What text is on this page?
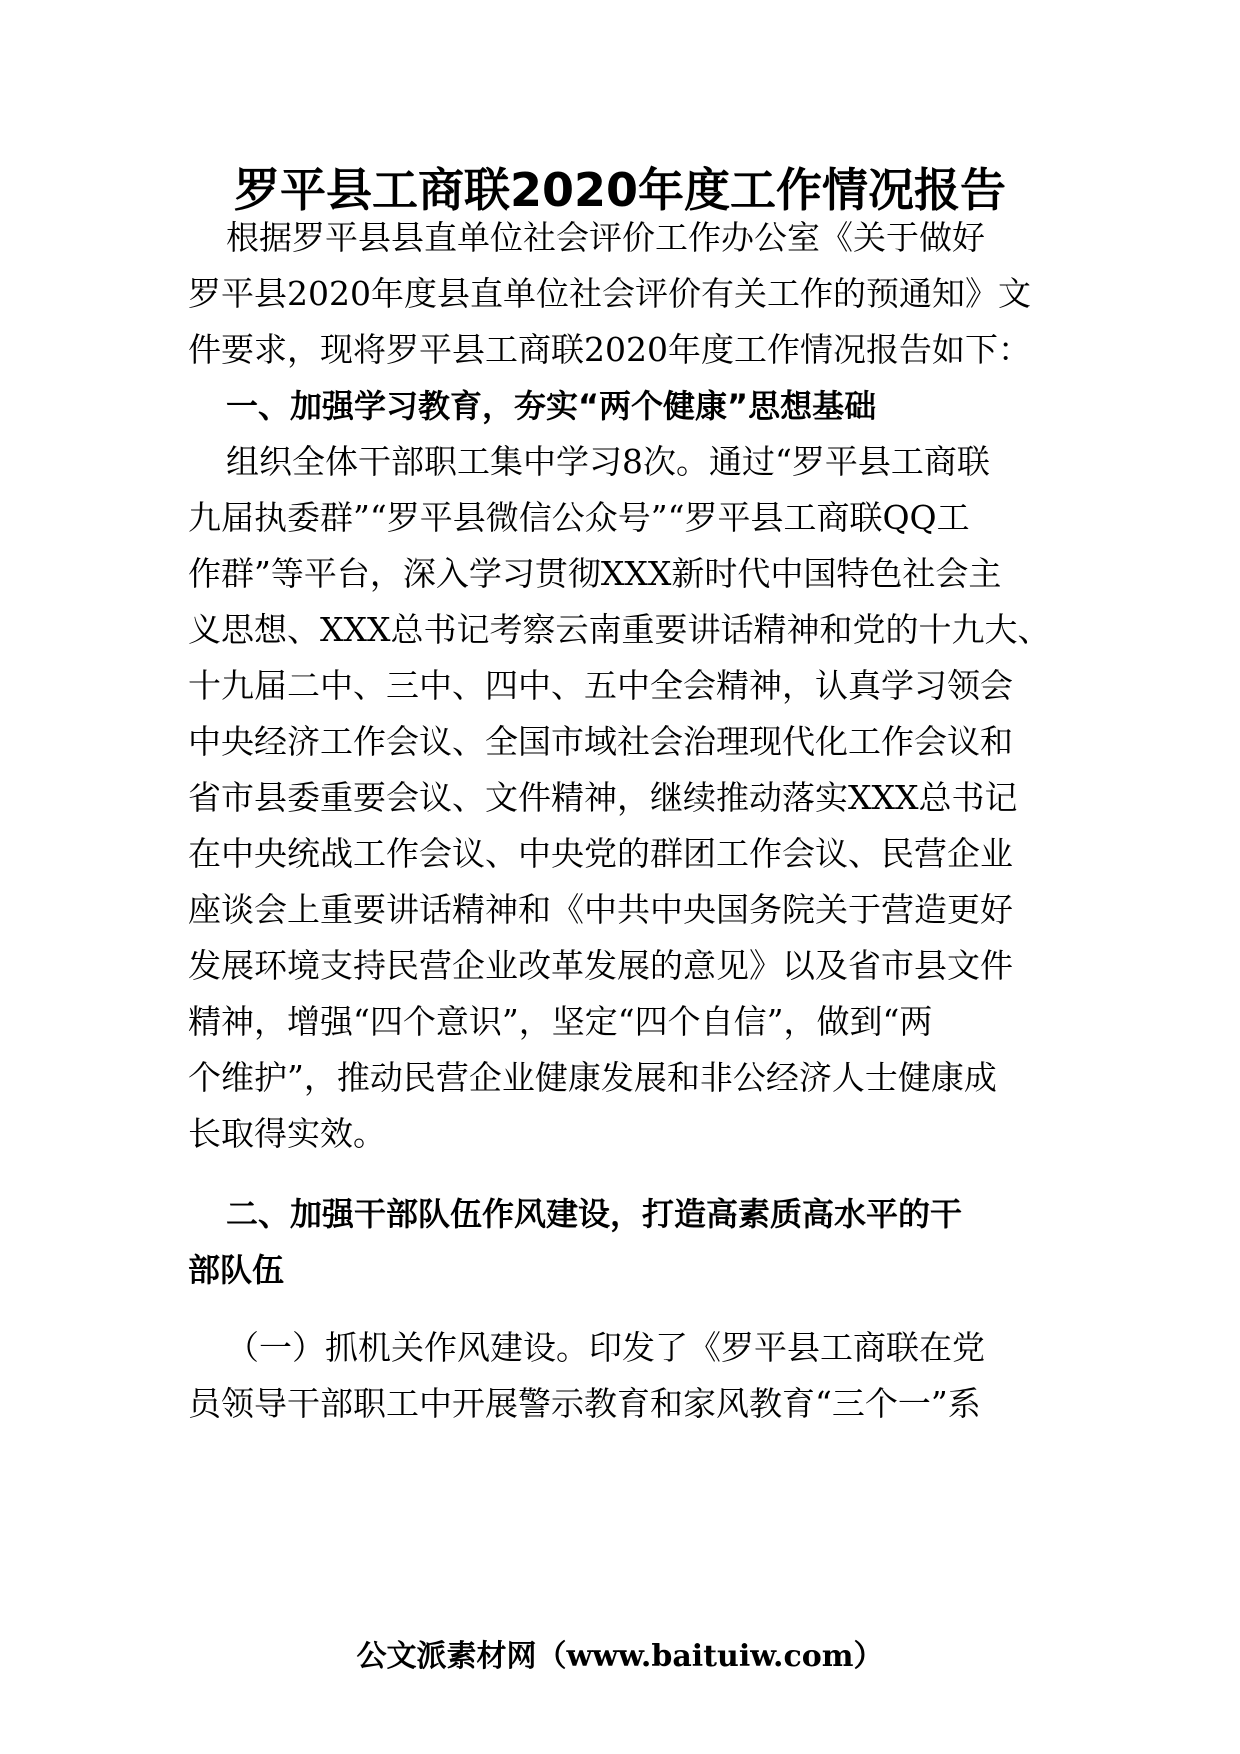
罗平县工商联2020年度工作情况报告

根据罗平县县直单位社会评价工作办公室《关于做好

罗平县2020年度县直单位社会评价有关工作的预通知》文

件要求，现将罗平县工商联2020年度工作情况报告如下：

一、加强学习教育，夯实“两个健康”思想基础

组织全体干部职工集中学习8次。通过“罗平县工商联

九届执委群”“罗平县微信公众号”“罗平县工商联QQ工

作群”等平台，深入学习贯彻XXX新时代中国特色社会主

义思想、XXX总书记考察云南重要讲话精神和党的十九大、

十九届二中、三中、四中、五中全会精神，认真学习领会

中央经济工作会议、全国市域社会治理现代化工作会议和

省市县委重要会议、文件精神，继续推动落实XXX总书记

在中央统战工作会议、中央党的群团工作会议、民营企业

座谈会上重要讲话精神和《中共中央国务院关于营造更好

发展环境支持民营企业改革发展的意见》以及省市县文件

精神，增强“四个意识”，坚定“四个自信”，做到“两

个维护”，推动民营企业健康发展和非公经济人士健康成

长取得实效。

二、加强干部队伍作风建设，打造高素质高水平的干

部队伍

（一）抓机关作风建设。印发了《罗平县工商联在党

员领导干部职工中开展警示教育和家风教育“三个一”系

公文派素材网（www.baituiw.com）
